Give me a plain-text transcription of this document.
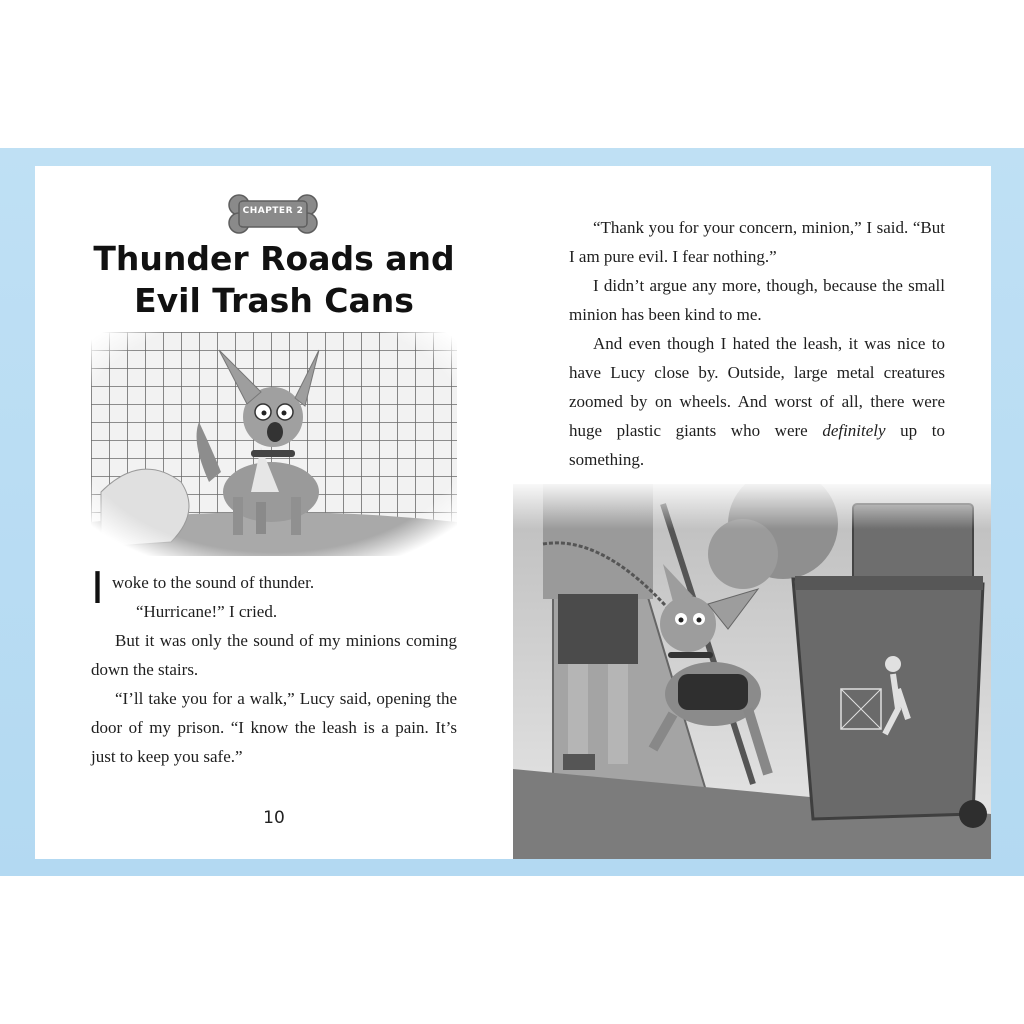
CHAPTER 2
Thunder Roads and
Evil Trash Cans

Iwoke to the sound of thunder.

“Hurricane!” I cried.

But it was only the sound of my minions coming down the stairs.

“I’ll take you for a walk,” Lucy said, opening the door of my prison. “I know the leash is a pain. It’s just to keep you safe.”

10

“Thank you for your concern, minion,” I said. “But I am pure evil. I fear nothing.”

I didn’t argue any more, though, because the small minion has been kind to me.

And even though I hated the leash, it was nice to have Lucy close by. Outside, large metal creatures zoomed by on wheels. And worst of all, there were huge plastic giants who were definitely up to something.
